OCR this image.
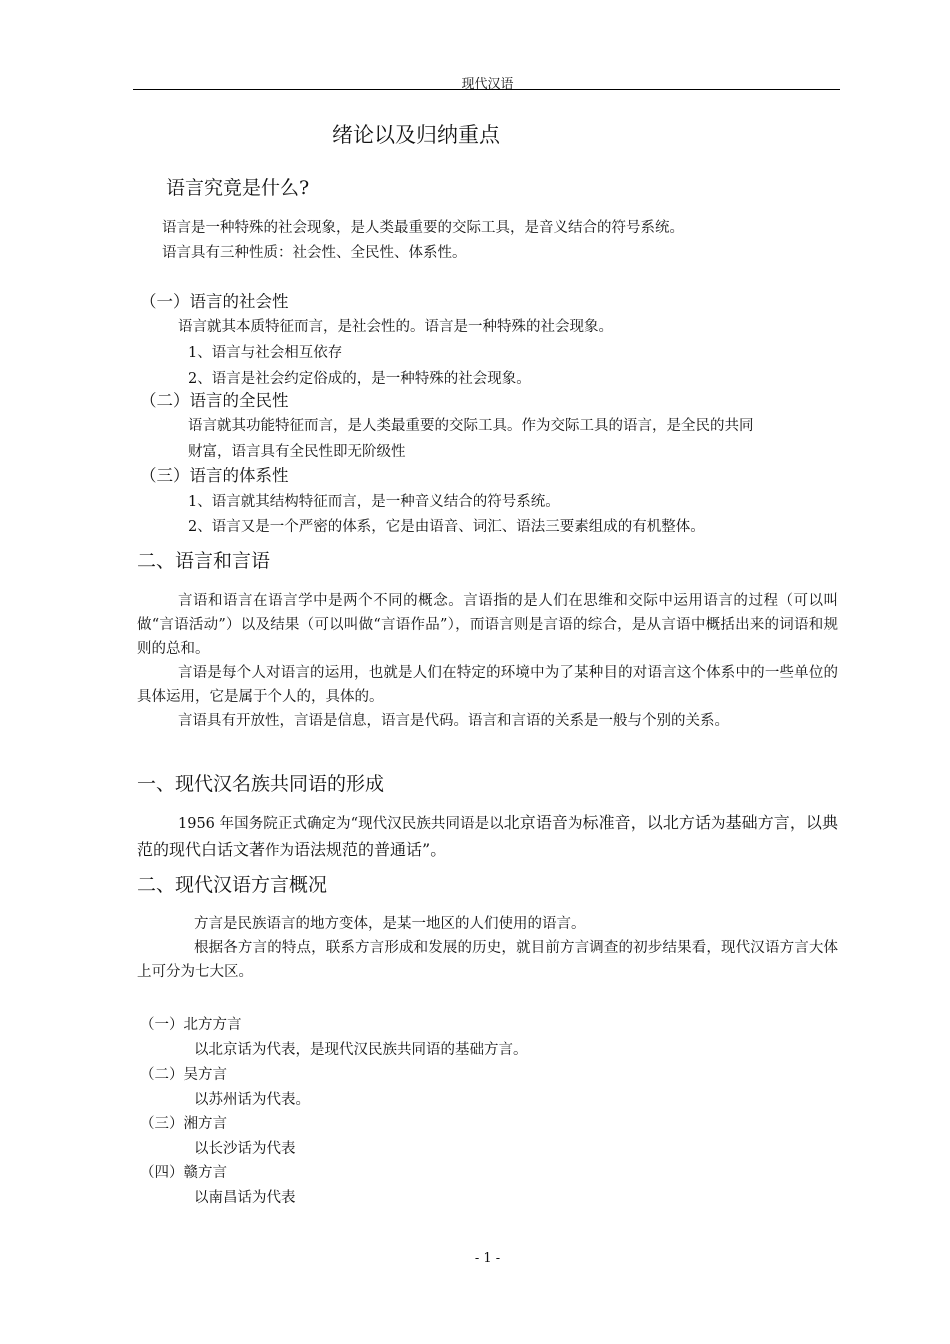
现代汉语
绪论以及归纳重点
语言究竟是什么?
语言是一种特殊的社会现象，是人类最重要的交际工具，是音义结合的符号系统。
语言具有三种性质：社会性、全民性、体系性。
（一）语言的社会性
语言就其本质特征而言，是社会性的。语言是一种特殊的社会现象。
1、语言与社会相互依存
2、语言是社会约定俗成的，是一种特殊的社会现象。
（二）语言的全民性
语言就其功能特征而言，是人类最重要的交际工具。作为交际工具的语言，是全民的共同
财富，语言具有全民性即无阶级性
（三）语言的体系性
1、语言就其结构特征而言，是一种音义结合的符号系统。
2、语言又是一个严密的体系，它是由语音、词汇、语法三要素组成的有机整体。
二、语言和言语

言语和语言在语言学中是两个不同的概念。言语指的是人们在思维和交际中运用语言的过程（可以叫做“言语活动”）以及结果（可以叫做“言语作品”），而语言则是言语的综合，是从言语中概括出来的词语和规则的总和。

言语是每个人对语言的运用，也就是人们在特定的环境中为了某种目的对语言这个体系中的一些单位的具体运用，它是属于个人的，具体的。

言语具有开放性，言语是信息，语言是代码。语言和言语的关系是一般与个别的关系。

一、现代汉名族共同语的形成

1956 年国务院正式确定为“现代汉民族共同语是以北京语音为标准音，以北方话为基础方言，以典范的现代白话文著作为语法规范的普通话”。

二、现代汉语方言概况

方言是民族语言的地方变体，是某一地区的人们使用的语言。

根据各方言的特点，联系方言形成和发展的历史，就目前方言调查的初步结果看，现代汉语方言大体上可分为七大区。

（一）北方方言
以北京话为代表，是现代汉民族共同语的基础方言。
（二）吴方言
以苏州话为代表。
（三）湘方言
以长沙话为代表
（四）赣方言
以南昌话为代表
- 1 -
